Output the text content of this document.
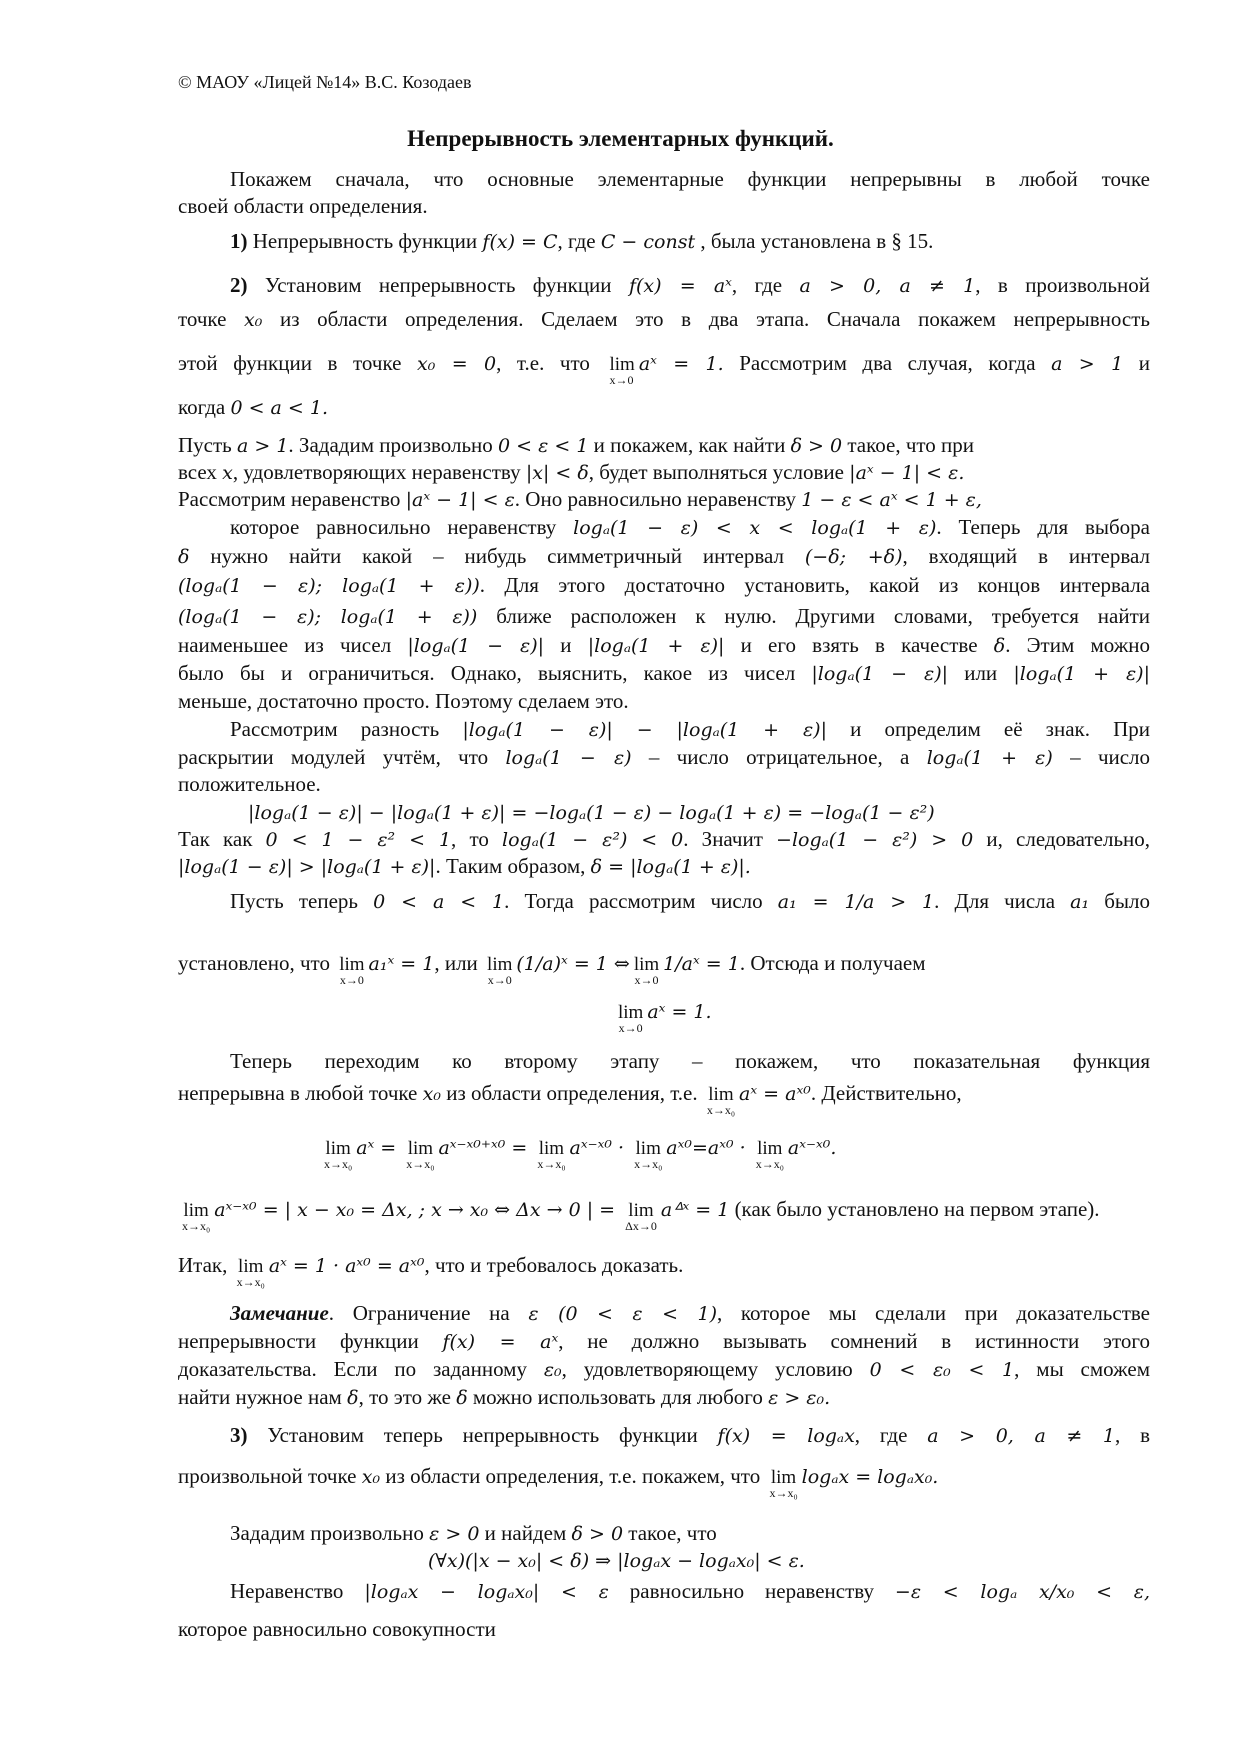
© МАОУ «Лицей №14» В.С. Козодаев
Непрерывность элементарных функций.
Покажем сначала, что основные элементарные функции непрерывны в любой точке
своей области определения.
1) Непрерывность функции f(x) = C, где C − const , была установлена в § 15.
2) Установим непрерывность функции f(x) = aˣ, где a > 0, a ≠ 1, в произвольной
точке x₀ из области определения. Сделаем это в два этапа. Сначала покажем непрерывность
этой функции в точке x₀ = 0, т.е. что lim
x→0
aˣ = 1. Рассмотрим два случая, когда a > 1 и
когда 0 < a < 1.
Пусть a > 1. Зададим произвольно 0 < ε < 1 и покажем, как найти δ > 0 такое, что при
всех x, удовлетворяющих неравенству |x| < δ, будет выполняться условие |aˣ − 1| < ε.
Рассмотрим неравенство |aˣ − 1| < ε. Оно равносильно неравенству 1 − ε < aˣ < 1 + ε,
которое равносильно неравенству logₐ(1 − ε) < x < logₐ(1 + ε). Теперь для выбора
δ нужно найти какой – нибудь симметричный интервал (−δ; +δ), входящий в интервал
(logₐ(1 − ε); logₐ(1 + ε)). Для этого достаточно установить, какой из концов интервала
(logₐ(1 − ε); logₐ(1 + ε)) ближе расположен к нулю. Другими словами, требуется найти
наименьшее из чисел |logₐ(1 − ε)| и |logₐ(1 + ε)| и его взять в качестве δ. Этим можно
было бы и ограничиться. Однако, выяснить, какое из чисел |logₐ(1 − ε)| или |logₐ(1 + ε)|
меньше, достаточно просто. Поэтому сделаем это.
Рассмотрим разность |logₐ(1 − ε)| − |logₐ(1 + ε)| и определим её знак. При
раскрытии модулей учтём, что logₐ(1 − ε) – число отрицательное, а logₐ(1 + ε) – число
положительное.
|logₐ(1 − ε)| − |logₐ(1 + ε)| = −logₐ(1 − ε) − logₐ(1 + ε) = −logₐ(1 − ε²)
Так как 0 < 1 − ε² < 1, то logₐ(1 − ε²) < 0. Значит −logₐ(1 − ε²) > 0 и, следовательно,
|logₐ(1 − ε)| > |logₐ(1 + ε)|. Таким образом, δ = |logₐ(1 + ε)|.
Пусть теперь 0 < a < 1. Тогда рассмотрим число a₁ = 1/a > 1. Для числа a₁ было
установлено, что lim
x→0
a₁ˣ = 1, или lim
x→0
(1/a)ˣ = 1 ⇔ lim
x→0
1/aˣ = 1. Отсюда и получаем
lim
x→0
aˣ = 1.
Теперь переходим ко второму этапу – покажем, что показательная функция
непрерывна в любой точке x₀ из области определения, т.е. lim
x→x₀
aˣ = aˣ⁰. Действительно,
lim
x→x₀
aˣ = lim
x→x₀
aˣ⁻ˣ⁰⁺ˣ⁰ = lim
x→x₀
aˣ⁻ˣ⁰ · lim
x→x₀
aˣ⁰=aˣ⁰ · lim
x→x₀
aˣ⁻ˣ⁰.
lim
x→x₀
aˣ⁻ˣ⁰ = | x − x₀ = Δx, ; x → x₀ ⇔ Δx → 0 | = lim
Δx→0
aᐞˣ = 1 (как было установлено на первом этапе).
Итак, lim
x→x₀
aˣ = 1 · aˣ⁰ = aˣ⁰, что и требовалось доказать.
Замечание. Ограничение на ε (0 < ε < 1), которое мы сделали при доказательстве
непрерывности функции f(x) = aˣ, не должно вызывать сомнений в истинности этого
доказательства. Если по заданному ε₀, удовлетворяющему условию 0 < ε₀ < 1, мы сможем
найти нужное нам δ, то это же δ можно использовать для любого ε > ε₀.
3) Установим теперь непрерывность функции f(x) = logₐx, где a > 0, a ≠ 1, в
произвольной точке x₀ из области определения, т.е. покажем, что lim
x→x₀
logₐx = logₐx₀.
Зададим произвольно ε > 0 и найдем δ > 0 такое, что
(∀x)(|x − x₀| < δ) ⇒ |logₐx − logₐx₀| < ε.
Неравенство |logₐx − logₐx₀| < ε равносильно неравенству −ε < logₐ x/x₀ < ε,
которое равносильно совокупности
